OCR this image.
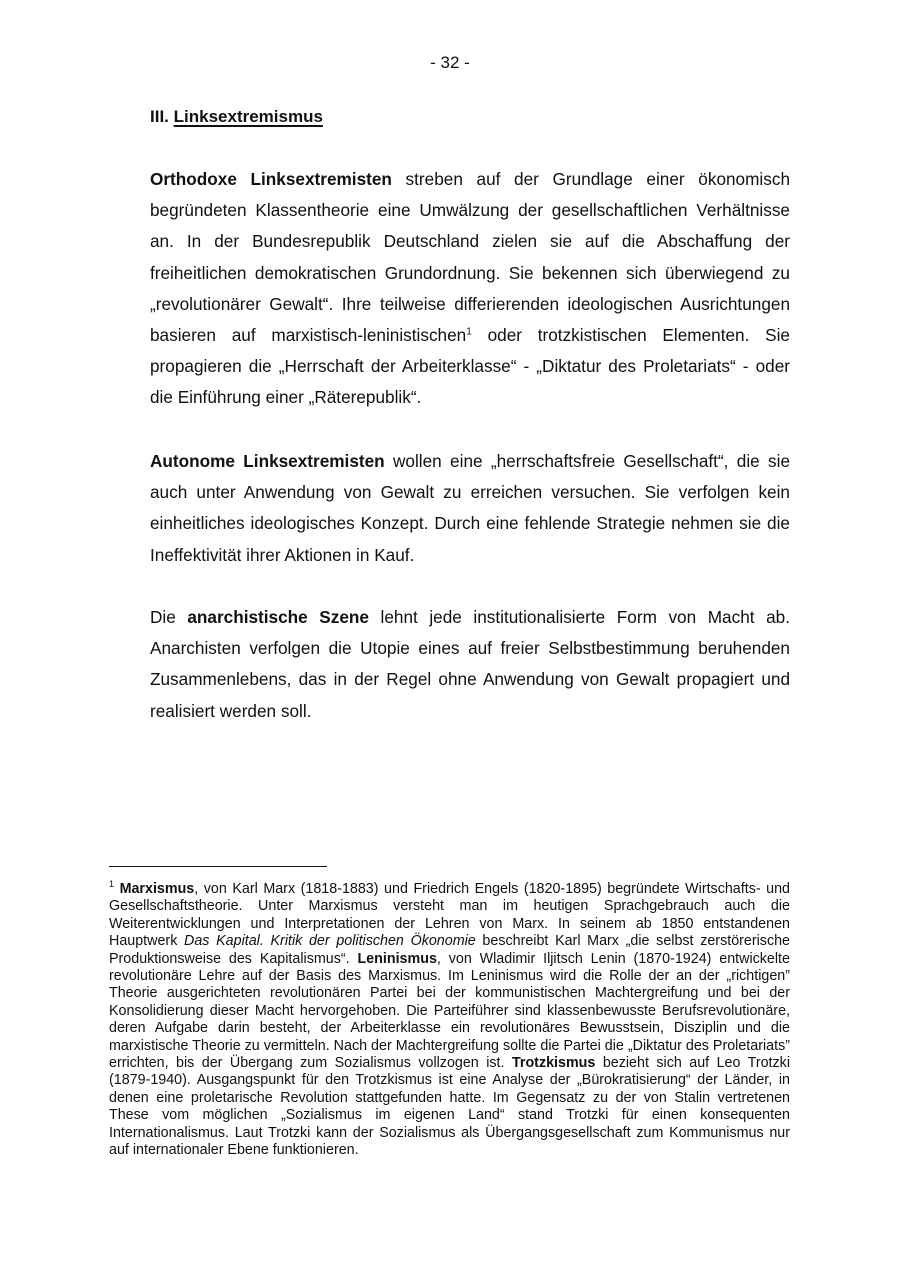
- 32 -
III. Linksextremismus

Orthodoxe Linksextremisten streben auf der Grundlage einer ökonomisch begründeten Klassentheorie eine Umwälzung der gesellschaftlichen Verhältnisse an. In der Bundesrepublik Deutschland zielen sie auf die Abschaffung der freiheitlichen demokratischen Grundordnung. Sie bekennen sich überwiegend zu „revolutionärer Gewalt“. Ihre teilweise differierenden ideologischen Ausrichtungen basieren auf marxistisch-leninistischen$^1$ oder trotzkistischen Elementen. Sie propagieren die „Herrschaft der Arbeiterklasse“ - „Diktatur des Proletariats“ - oder die Einführung einer „Räterepublik“.

Autonome Linksextremisten wollen eine „herrschaftsfreie Gesellschaft“, die sie auch unter Anwendung von Gewalt zu erreichen versuchen. Sie verfolgen kein einheitliches ideologisches Konzept. Durch eine fehlende Strategie nehmen sie die Ineffektivität ihrer Aktionen in Kauf.

Die anarchistische Szene lehnt jede institutionalisierte Form von Macht ab. Anarchisten verfolgen die Utopie eines auf freier Selbstbestimmung beruhenden Zusammenlebens, das in der Regel ohne Anwendung von Gewalt propagiert und realisiert werden soll.

$^1$ Marxismus, von Karl Marx (1818-1883) und Friedrich Engels (1820-1895) begründete Wirtschafts- und Gesellschaftstheorie. Unter Marxismus versteht man im heutigen Sprachgebrauch auch die Weiterentwicklungen und Interpretationen der Lehren von Marx. In seinem ab 1850 entstandenen Hauptwerk Das Kapital. Kritik der politischen Ökonomie beschreibt Karl Marx „die selbst zerstörerische Produktionsweise des Kapitalismus“. Leninismus, von Wladimir Iljitsch Lenin (1870-1924) entwickelte revolutionäre Lehre auf der Basis des Marxismus. Im Leninismus wird die Rolle der an der „richtigen” Theorie ausgerichteten revolutionären Partei bei der kommunistischen Machtergreifung und bei der Konsolidierung dieser Macht hervorgehoben. Die Parteiführer sind klassenbewusste Berufsrevolutionäre, deren Aufgabe darin besteht, der Arbeiterklasse ein revolutionäres Bewusstsein, Disziplin und die marxistische Theorie zu vermitteln. Nach der Machtergreifung sollte die Partei die „Diktatur des Proletariats” errichten, bis der Übergang zum Sozialismus vollzogen ist. Trotzkismus bezieht sich auf Leo Trotzki (1879-1940). Ausgangspunkt für den Trotzkismus ist eine Analyse der „Bürokratisierung“ der Länder, in denen eine proletarische Revolution stattgefunden hatte. Im Gegensatz zu der von Stalin vertretenen These vom möglichen „Sozialismus im eigenen Land“ stand Trotzki für einen konsequenten Internationalismus. Laut Trotzki kann der Sozialismus als Übergangsgesellschaft zum Kommunismus nur auf internationaler Ebene funktionieren.
